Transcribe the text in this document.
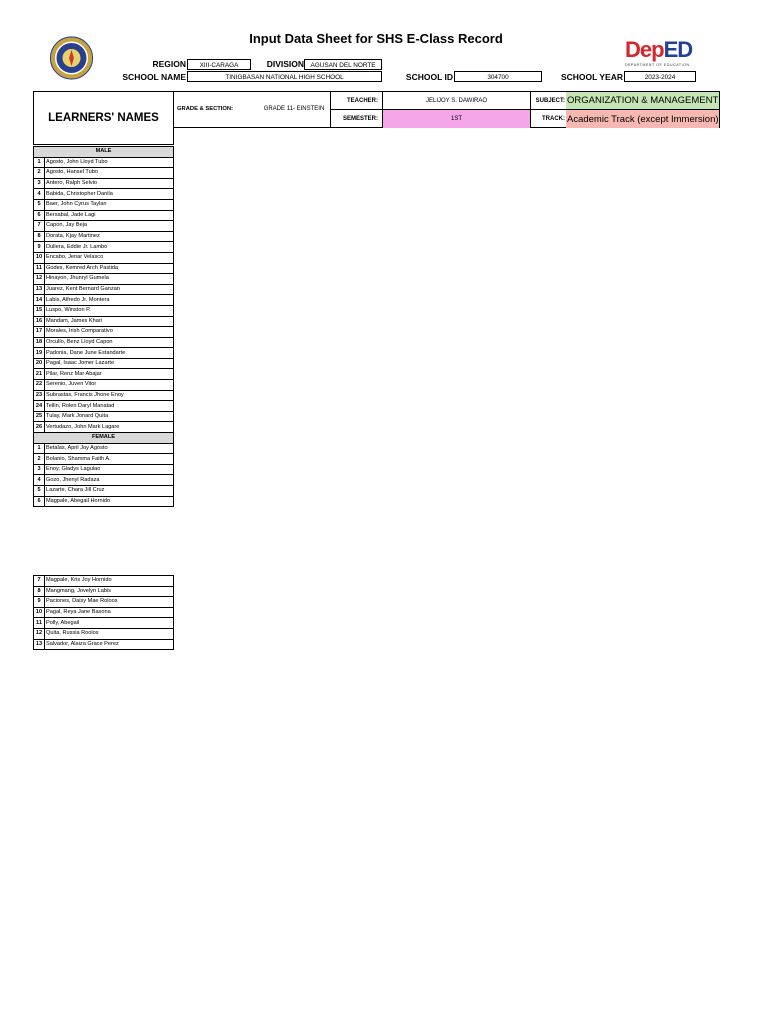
Input Data Sheet for SHS E-Class Record	DepED
DEPARTMENT OF EDUCATION
REGION	XIII-CARAGA	DIVISION	AGUSAN DEL NORTE
SCHOOL NAME	TINIGBASAN NATIONAL HIGH SCHOOL	SCHOOL ID	304700	SCHOOL YEAR	2023-2024
LEARNERS' NAMES
GRADE & SECTION:	GRADE 11- EINSTEIN
TEACHER:	JELIJOY S. DAWIRAO
SEMESTER:	1ST
SUBJECT: ORGANIZATION & MANAGEMENT
TRACK: Academic Track (except Immersion)
MALE	
1	Agosto, John Lloyd Tubo
2	Agosto, Hansel Tubo
3	Antero, Ralph Selvio
4	Babida, Christopher Danila
5	Baer, John Cyrus Taylan
6	Bersabal, Jade Lagi
7	Capon, Jay Beja
8	Dorata, Kjay Martinez
9	Dullera, Eddie Jr. Lambo
10	Encabo, Jenar Velasco
11	Godes, Kemred Arch Pastida
12	Hinayon, Jhunryl Gumela
13	Juarez, Kent Bernard Ganzan
14	Labis, Alfredo Jr. Montera
15	Luspo, Winston P.
16	Mandam, James Khari
17	Morales, Irish Comparativo
18	Orcullo, Benz Lloyd Capon
19	Padonia, Dane June Estandarte
20	Pagal, Isaac Jomer Lazarte
21	Pilar, Renz Mar Abajar
22	Serenio, Juven Vitor
23	Subrastas, Francis Jhone Enoy
24	Tellin, Rolen Daryl Manatad
25	Tulay, Mark Jonard Quita
26	Vertudazo, John Mark Lagare
FEMALE	
1	Betalas, April Joy Agosto
2	Bolanio, Shamma Faith A.
3	Enoy, Gladys Lagulao
4	Gozo, Jhenyl Radaza
5	Lazarte, Chara Jill Cruz
6	Magpale, Abegail Hornido
7	Magpale, Kris Joy Hornido
8	Mangmang, Jovelyn Labis
9	Paciones, Daisy Mae Roloos
10	Pagal, Reya Jane Basona
11	Polly, Abegail
12	Quita, Russia Roolos
13	Salvador, Alaiza Grace Perez
